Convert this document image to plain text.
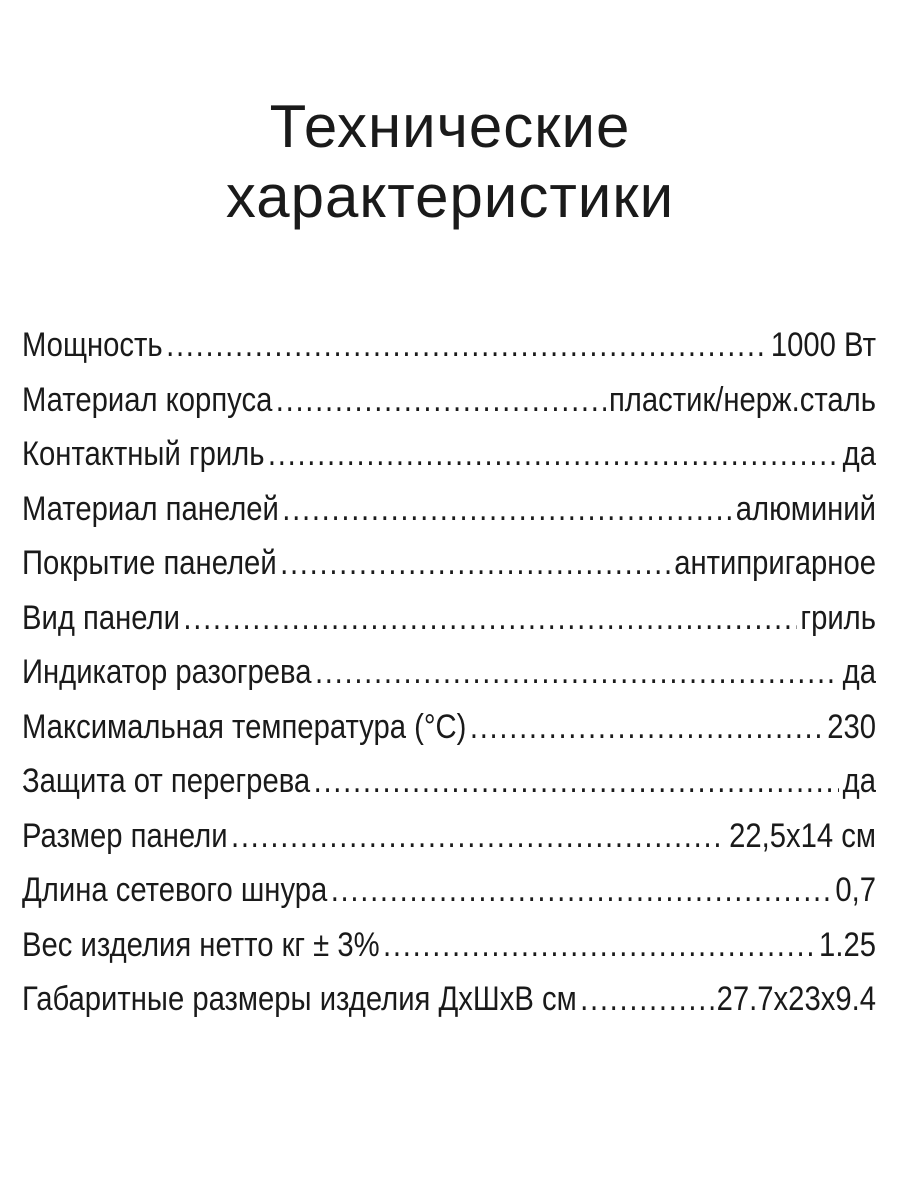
Технические
характеристики
Мощность .....	1000 Вт
Материал корпуса .....	пластик/нерж.сталь
Контактный гриль .....	да
Материал панелей .....	алюминий
Покрытие панелей .....	антипригарное
Вид панели .....	гриль
Индикатор разогрева .....	да
Максимальная температура (°С) .....	230
Защита от перегрева .....	да
Размер панели .....	22,5x14 см
Длина сетевого шнура .....	0,7
Вес изделия нетто кг ± 3% .....	1.25
Габаритные размеры изделия ДхШхВ см .....	27.7x23x9.4
